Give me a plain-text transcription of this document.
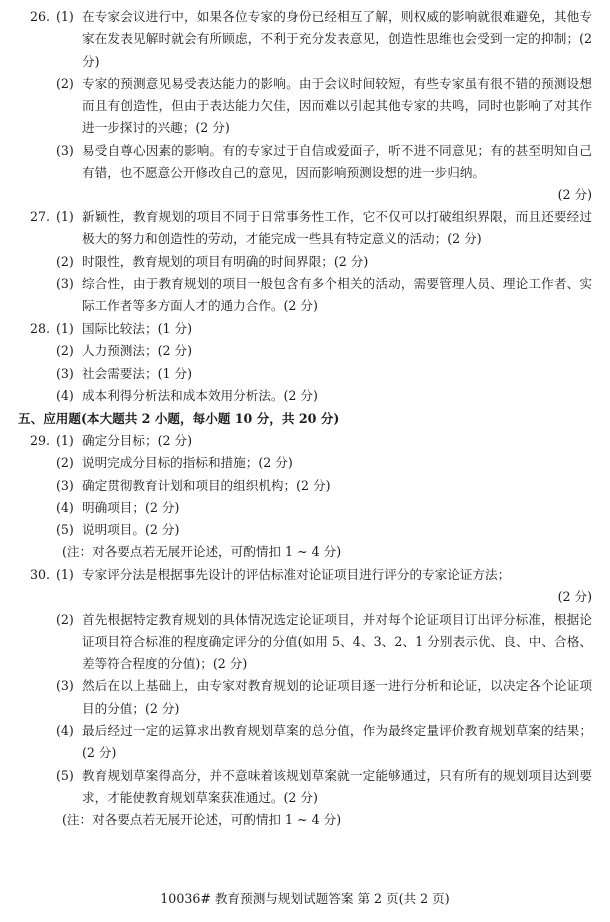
26. (1) 在专家会议进行中，如果各位专家的身份已经相互了解，则权威的影响就很难避免，其他专家在发表见解时就会有所顾虑，不利于充分发表意见，创造性思维也会受到一定的抑制；(2 分)
(2) 专家的预测意见易受表达能力的影响。由于会议时间较短，有些专家虽有很不错的预测设想而且有创造性，但由于表达能力欠佳，因而难以引起其他专家的共鸣，同时也影响了对其作进一步探讨的兴趣；(2 分)
(3) 易受自尊心因素的影响。有的专家过于自信或爱面子，听不进不同意见；有的甚至明知自己有错，也不愿意公开修改自己的意见，因而影响预测设想的进一步归纳。
(2 分)
27. (1) 新颖性，教育规划的项目不同于日常事务性工作，它不仅可以打破组织界限，而且还要经过极大的努力和创造性的劳动，才能完成一些具有特定意义的活动；(2 分)
(2) 时限性，教育规划的项目有明确的时间界限；(2 分)
(3) 综合性，由于教育规划的项目一般包含有多个相关的活动，需要管理人员、理论工作者、实际工作者等多方面人才的通力合作。(2 分)
28. (1) 国际比较法；(1 分)
(2) 人力预测法；(2 分)
(3) 社会需要法；(1 分)
(4) 成本利得分析法和成本效用分析法。(2 分)
五、应用题(本大题共 2 小题，每小题 10 分，共 20 分)
29. (1) 确定分目标；(2 分)
(2) 说明完成分目标的指标和措施；(2 分)
(3) 确定贯彻教育计划和项目的组织机构；(2 分)
(4) 明确项目；(2 分)
(5) 说明项目。(2 分)
(注：对各要点若无展开论述，可酌情扣 1 ~ 4 分)
30. (1) 专家评分法是根据事先设计的评估标准对论证项目进行评分的专家论证方法；
(2 分)
(2) 首先根据特定教育规划的具体情况选定论证项目，并对每个论证项目订出评分标准，根据论证项目符合标准的程度确定评分的分值(如用 5、4、3、2、1 分别表示优、良、中、合格、差等符合程度的分值)；(2 分)
(3) 然后在以上基础上，由专家对教育规划的论证项目逐一进行分析和论证，以决定各个论证项目的分值；(2 分)
(4) 最后经过一定的运算求出教育规划草案的总分值，作为最终定量评价教育规划草案的结果；(2 分)
(5) 教育规划草案得高分，并不意味着该规划草案就一定能够通过，只有所有的规划项目达到要求，才能使教育规划草案获准通过。(2 分)
(注：对各要点若无展开论述，可酌情扣 1 ~ 4 分)
10036# 教育预测与规划试题答案 第 2 页(共 2 页)
